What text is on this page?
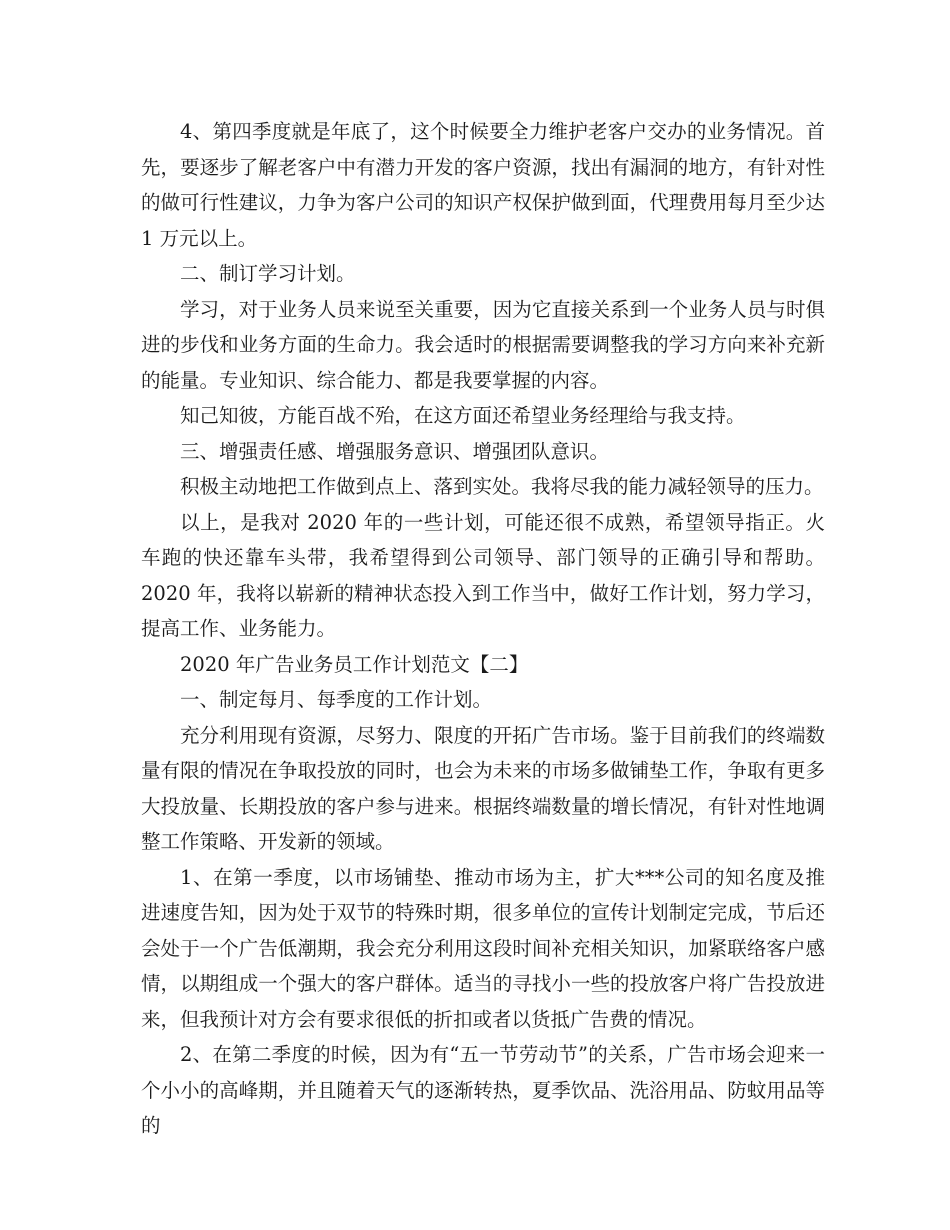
4、第四季度就是年底了，这个时候要全力维护老客户交办的业务情况。首先，要逐步了解老客户中有潜力开发的客户资源，找出有漏洞的地方，有针对性的做可行性建议，力争为客户公司的知识产权保护做到面，代理费用每月至少达 1 万元以上。

二、制订学习计划。

学习，对于业务人员来说至关重要，因为它直接关系到一个业务人员与时俱进的步伐和业务方面的生命力。我会适时的根据需要调整我的学习方向来补充新的能量。专业知识、综合能力、都是我要掌握的内容。

知己知彼，方能百战不殆，在这方面还希望业务经理给与我支持。

三、增强责任感、增强服务意识、增强团队意识。

积极主动地把工作做到点上、落到实处。我将尽我的能力减轻领导的压力。

以上，是我对 2020 年的一些计划，可能还很不成熟，希望领导指正。火车跑的快还靠车头带，我希望得到公司领导、部门领导的正确引导和帮助。2020 年，我将以崭新的精神状态投入到工作当中，做好工作计划，努力学习，提高工作、业务能力。

2020 年广告业务员工作计划范文【二】

一、制定每月、每季度的工作计划。

充分利用现有资源，尽努力、限度的开拓广告市场。鉴于目前我们的终端数量有限的情况在争取投放的同时，也会为未来的市场多做铺垫工作，争取有更多大投放量、长期投放的客户参与进来。根据终端数量的增长情况，有针对性地调整工作策略、开发新的领域。

1、在第一季度，以市场铺垫、推动市场为主，扩大***公司的知名度及推进速度告知，因为处于双节的特殊时期，很多单位的宣传计划制定完成，节后还会处于一个广告低潮期，我会充分利用这段时间补充相关知识，加紧联络客户感情，以期组成一个强大的客户群体。适当的寻找小一些的投放客户将广告投放进来，但我预计对方会有要求很低的折扣或者以货抵广告费的情况。

2、在第二季度的时候，因为有“五一节劳动节”的关系，广告市场会迎来一个小小的高峰期，并且随着天气的逐渐转热，夏季饮品、洗浴用品、防蚊用品等的
